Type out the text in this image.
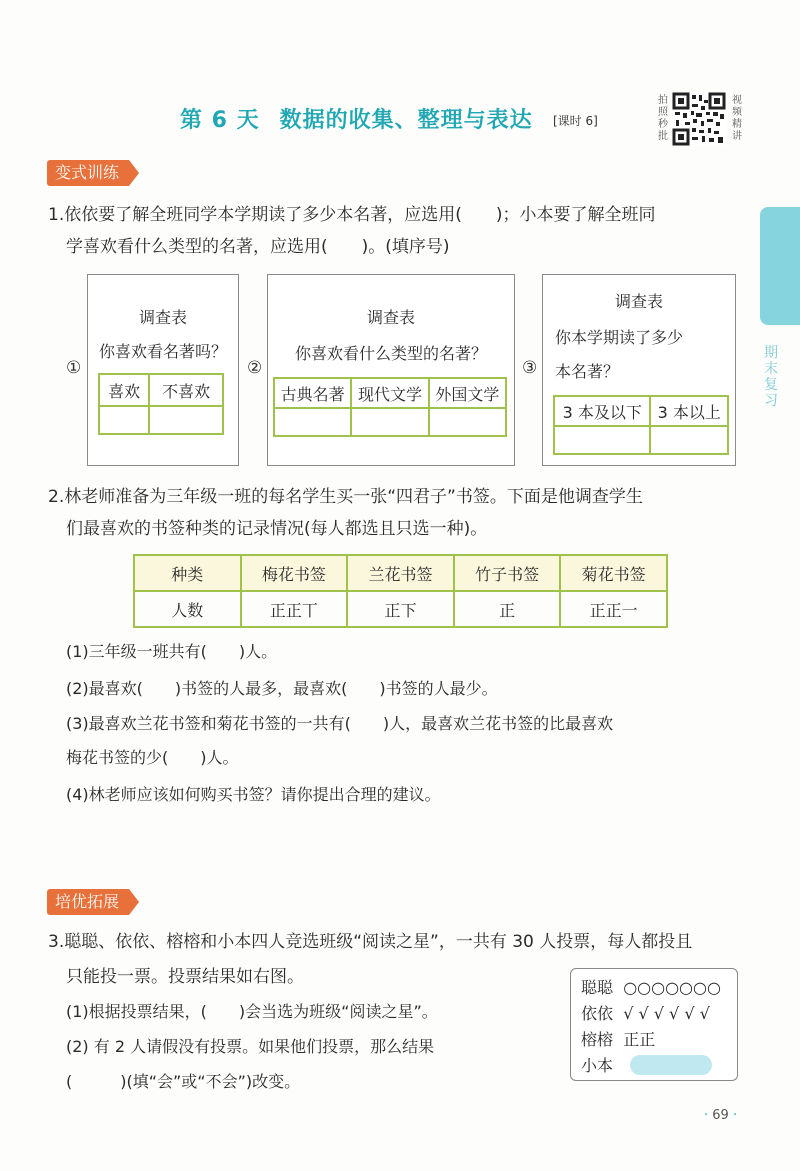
第 6 天 数据的收集、整理与表达 [课时 6]
拍照秒批
视频精讲
期末复习
变式训练
1.依依要了解全班同学本学期读了多少本名著，应选用(　　)；小本要了解全班同
学喜欢看什么类型的名著，应选用(　　)。(填序号)
①
调查表
你喜欢看名著吗？
喜欢	不喜欢

②
调查表
你喜欢看什么类型的名著？
古典名著	现代文学	外国文学

③
调查表
你本学期读了多少
本名著？
3 本及以下	3 本以上

2.林老师准备为三年级一班的每名学生买一张“四君子”书签。下面是他调查学生
们最喜欢的书签种类的记录情况(每人都选且只选一种)。
种类	梅花书签	兰花书签	竹子书签	菊花书签
人数	正正丅	正下	正	正正一
(1)三年级一班共有(　　)人。
(2)最喜欢(　　)书签的人最多，最喜欢(　　)书签的人最少。
(3)最喜欢兰花书签和菊花书签的一共有(　　)人，最喜欢兰花书签的比最喜欢
梅花书签的少(　　)人。
(4)林老师应该如何购买书签？请你提出合理的建议。
培优拓展
3.聪聪、依依、榕榕和小本四人竞选班级“阅读之星”，一共有 30 人投票，每人都投且
只能投一票。投票结果如右图。
(1)根据投票结果，(　　)会当选为班级“阅读之星”。
(2) 有 2 人请假没有投票。如果他们投票，那么结果
(　　　)(填“会”或“不会”)改变。
聪聪 ○○○○○○○
依依 √ √ √ √ √ √
榕榕 正正
小本
· 69 ·
